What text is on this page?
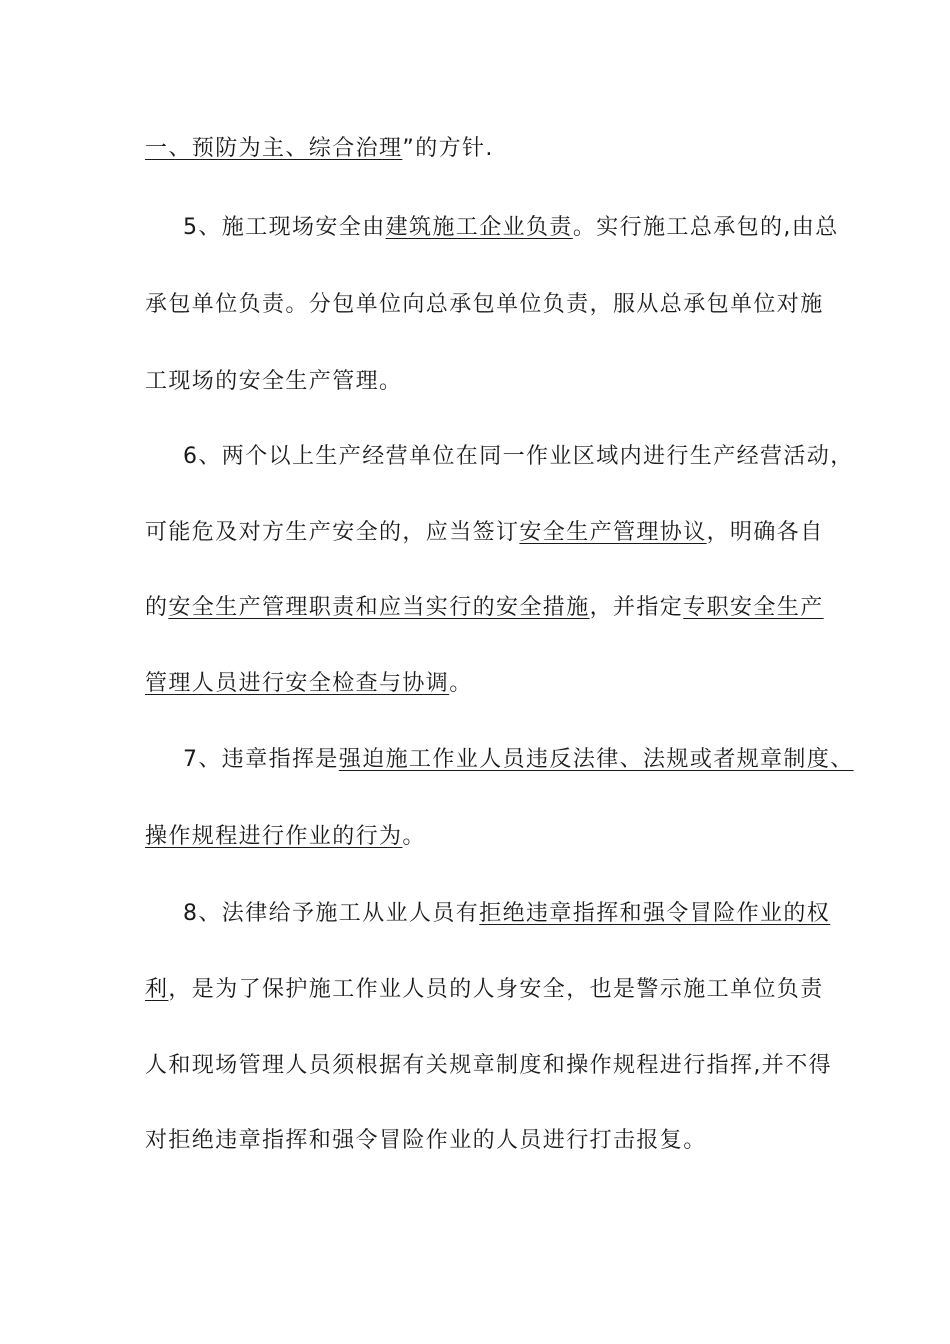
一、预防为主、综合治理”的方针.
5、施工现场安全由建筑施工企业负责。实行施工总承包的,由总
承包单位负责。分包单位向总承包单位负责，服从总承包单位对施
工现场的安全生产管理。
6、两个以上生产经营单位在同一作业区域内进行生产经营活动，
可能危及对方生产安全的，应当签订安全生产管理协议，明确各自
的安全生产管理职责和应当实行的安全措施，并指定专职安全生产
管理人员进行安全检查与协调。
7、违章指挥是强迫施工作业人员违反法律、法规或者规章制度、
操作规程进行作业的行为。
8、法律给予施工从业人员有拒绝违章指挥和强令冒险作业的权
利，是为了保护施工作业人员的人身安全，也是警示施工单位负责
人和现场管理人员须根据有关规章制度和操作规程进行指挥,并不得
对拒绝违章指挥和强令冒险作业的人员进行打击报复。
